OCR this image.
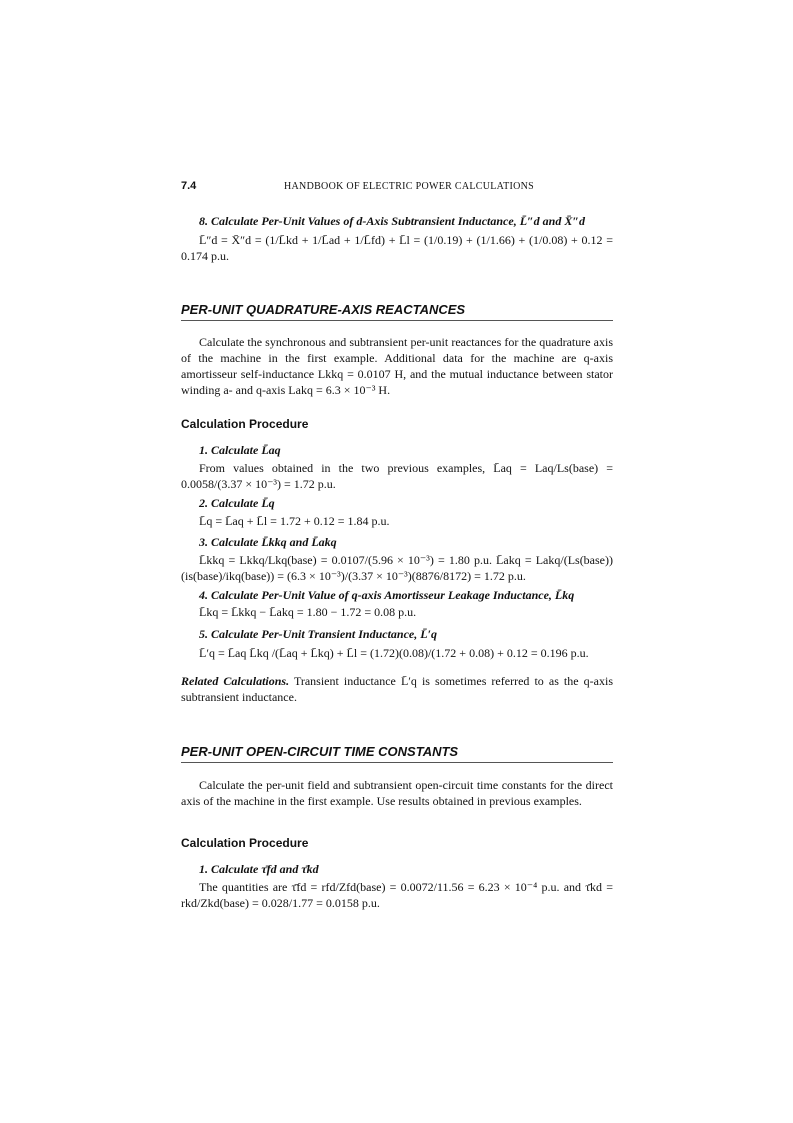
7.4	HANDBOOK OF ELECTRIC POWER CALCULATIONS
8. Calculate Per-Unit Values of d-Axis Subtransient Inductance, L̄″d and X̄″d
L̄″d = X̄″d = (1/L̄kd + 1/L̄ad + 1/L̄fd) + L̄l = (1/0.19) + (1/1.66) + (1/0.08) + 0.12 = 0.174 p.u.
PER-UNIT QUADRATURE-AXIS REACTANCES
Calculate the synchronous and subtransient per-unit reactances for the quadrature axis of the machine in the first example. Additional data for the machine are q-axis amortisseur self-inductance Lkkq = 0.0107 H, and the mutual inductance between stator winding a- and q-axis Lakq = 6.3 × 10⁻³ H.
Calculation Procedure
1. Calculate L̄aq
From values obtained in the two previous examples, L̄aq = Laq/Ls(base) = 0.0058/(3.37 × 10⁻³) = 1.72 p.u.
2. Calculate L̄q
L̄q = L̄aq + L̄l = 1.72 + 0.12 = 1.84 p.u.
3. Calculate L̄kkq and L̄akq
L̄kkq = Lkkq/Lkq(base) = 0.0107/(5.96 × 10⁻³) = 1.80 p.u. L̄akq = Lakq/(Ls(base))(is(base)/ikq(base)) = (6.3 × 10⁻³)/(3.37 × 10⁻³)(8876/8172) = 1.72 p.u.
4. Calculate Per-Unit Value of q-axis Amortisseur Leakage Inductance, L̄kq
L̄kq = L̄kkq − L̄akq = 1.80 − 1.72 = 0.08 p.u.
5. Calculate Per-Unit Transient Inductance, L̄′q
L̄′q = L̄aq L̄kq /(L̄aq + L̄kq) + L̄l = (1.72)(0.08)/(1.72 + 0.08) + 0.12 = 0.196 p.u.
Related Calculations. Transient inductance L̄′q is sometimes referred to as the q-axis subtransient inductance.
PER-UNIT OPEN-CIRCUIT TIME CONSTANTS
Calculate the per-unit field and subtransient open-circuit time constants for the direct axis of the machine in the first example. Use results obtained in previous examples.
Calculation Procedure
1. Calculate τ̄fd and τ̄kd
The quantities are τ̄fd = rfd/Zfd(base) = 0.0072/11.56 = 6.23 × 10⁻⁴ p.u. and τ̄kd = rkd/Zkd(base) = 0.028/1.77 = 0.0158 p.u.
